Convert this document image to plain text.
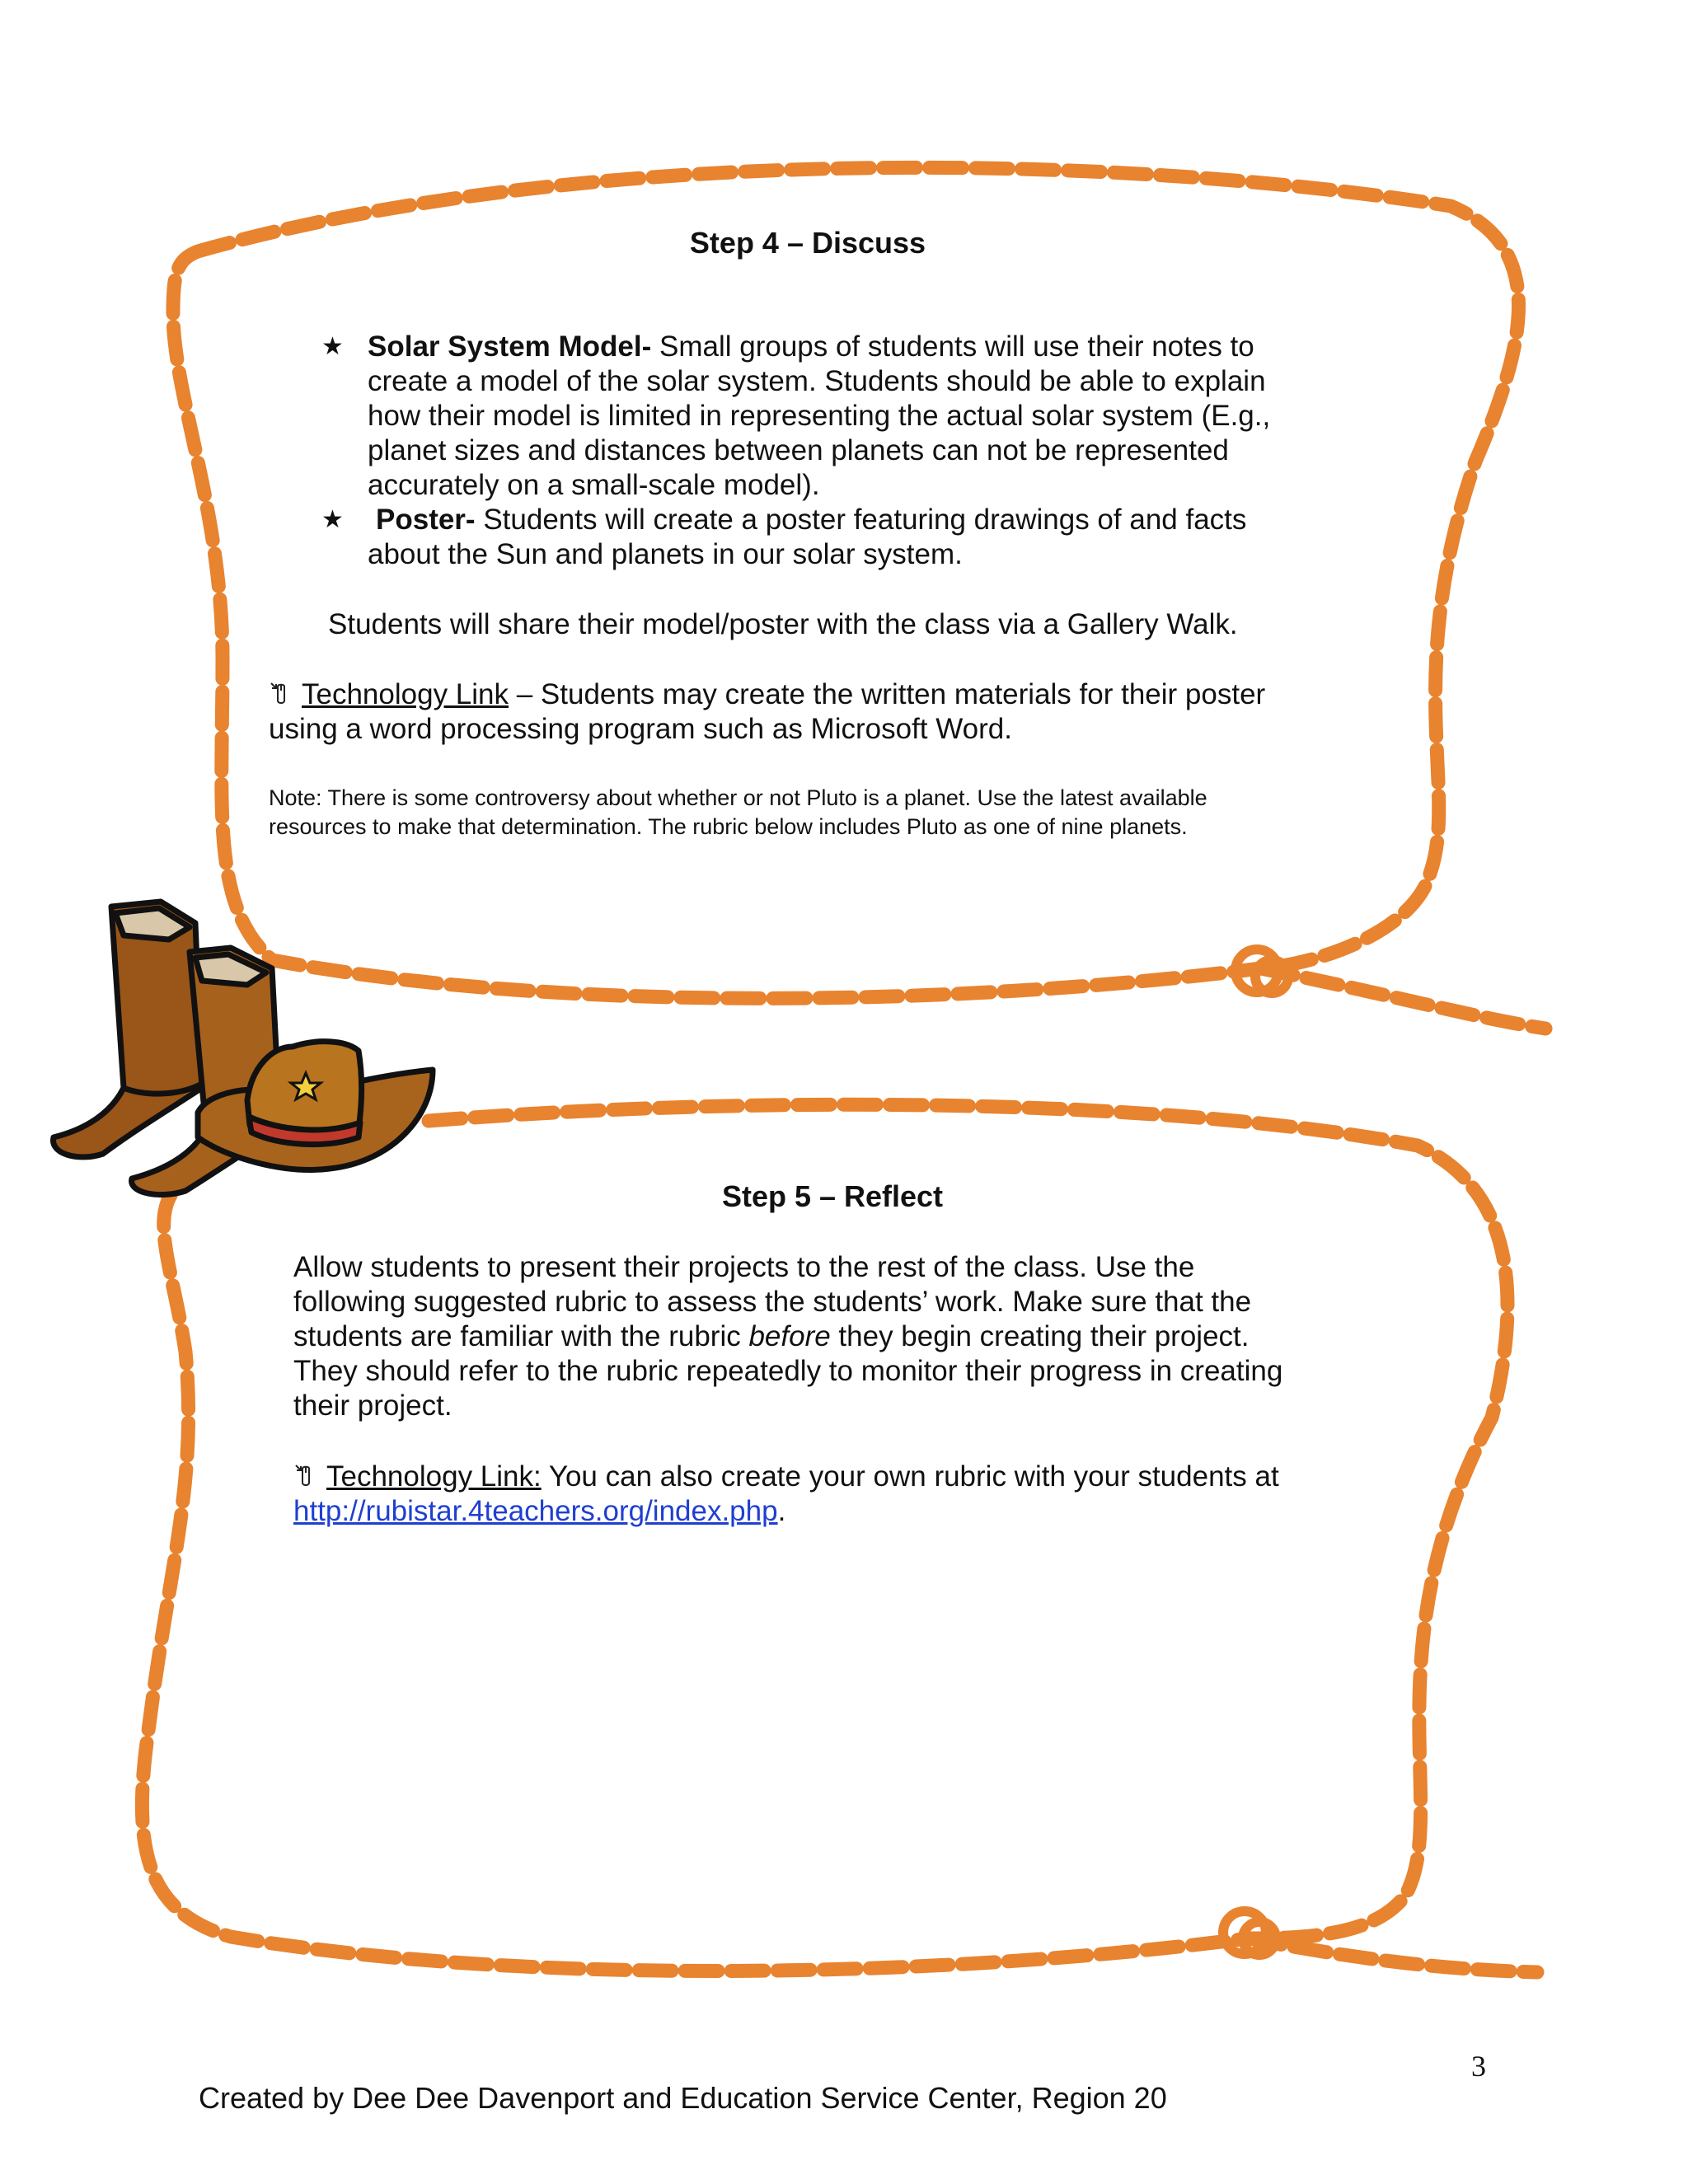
Step 4 – Discuss
★ Solar System Model- Small groups of students will use their notes to
create a model of the solar system. Students should be able to explain
how their model is limited in representing the actual solar system (E.g.,
planet sizes and distances between planets can not be represented
accurately on a small-scale model).
★ Poster- Students will create a poster featuring drawings of and facts
about the Sun and planets in our solar system.
Students will share their model/poster with the class via a Gallery Walk.
Technology Link – Students may create the written materials for their poster
using a word processing program such as Microsoft Word.
Note: There is some controversy about whether or not Pluto is a planet. Use the latest available
resources to make that determination. The rubric below includes Pluto as one of nine planets.
Step 5 – Reflect
Allow students to present their projects to the rest of the class. Use the
following suggested rubric to assess the students’ work. Make sure that the
students are familiar with the rubric before they begin creating their project.
They should refer to the rubric repeatedly to monitor their progress in creating
their project.
Technology Link: You can also create your own rubric with your students at
http://rubistar.4teachers.org/index.php.
3
Created by Dee Dee Davenport and Education Service Center, Region 20
